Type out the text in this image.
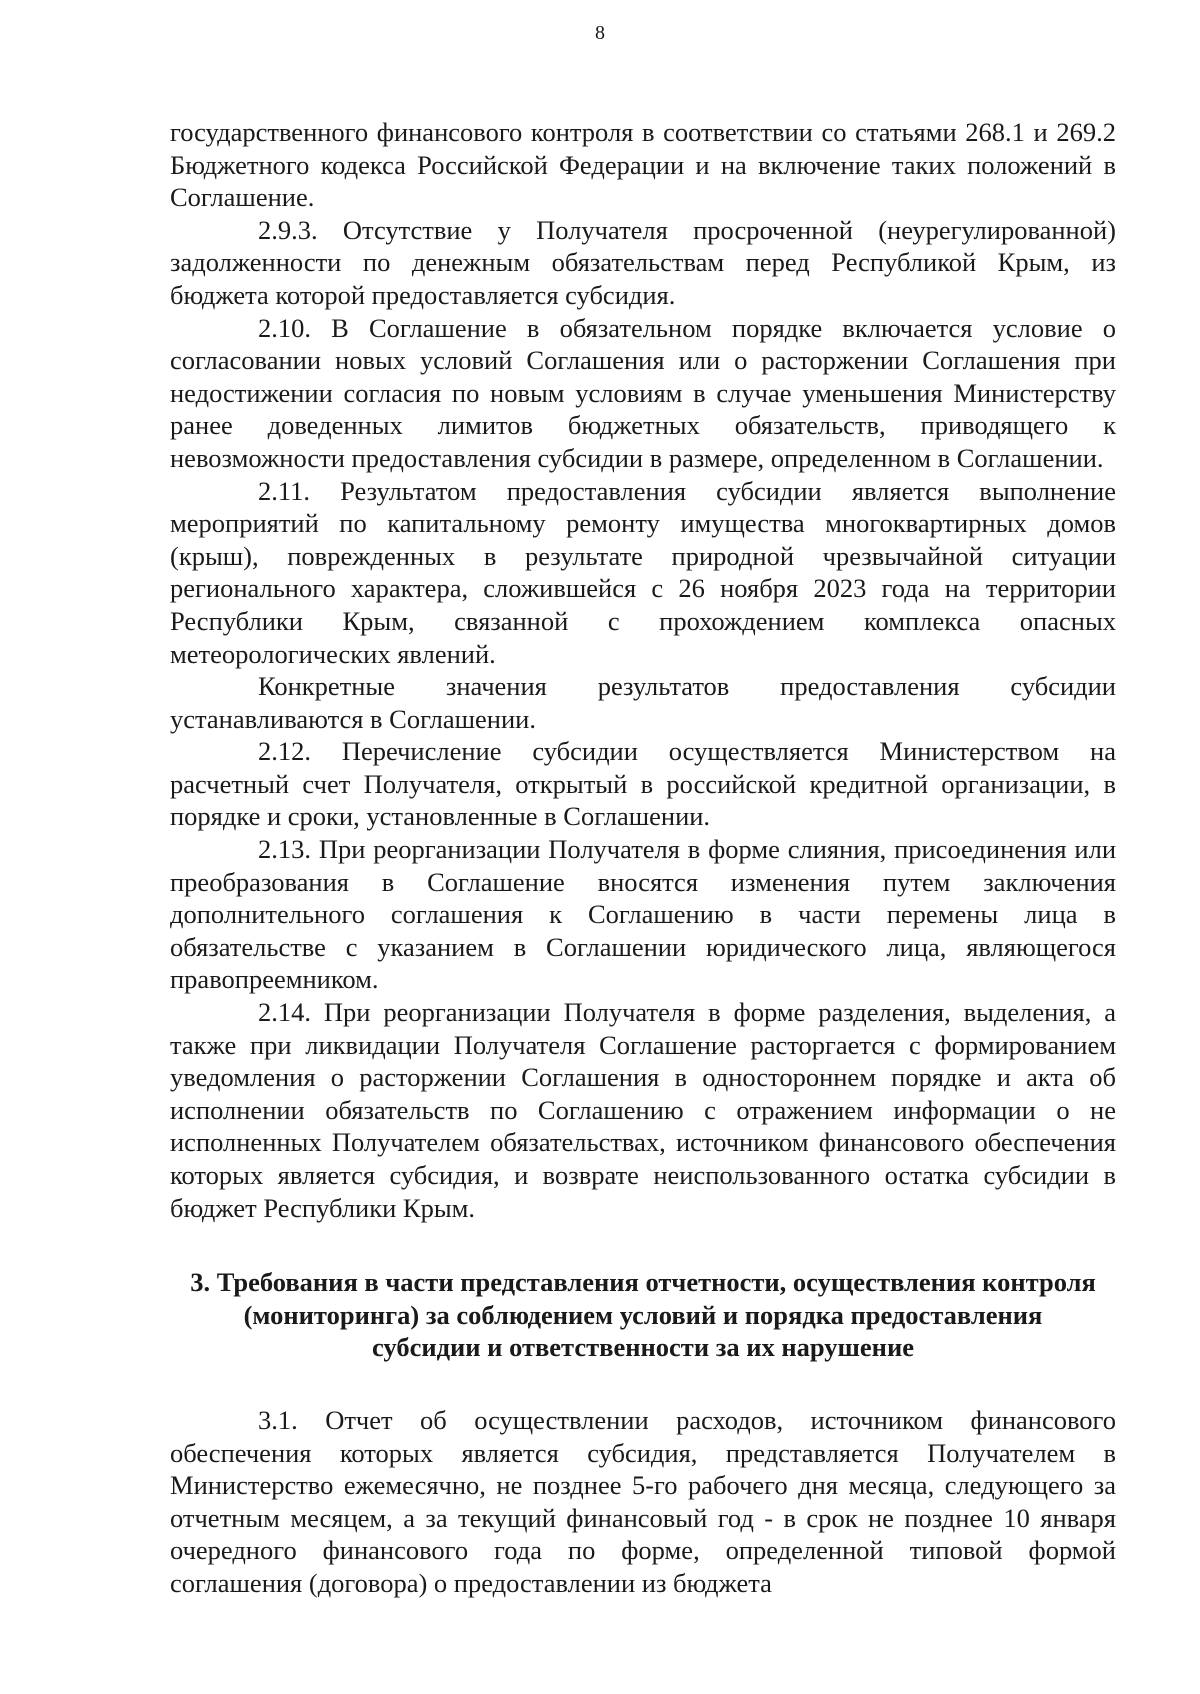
8

государственного финансового контроля в соответствии со статьями 268.1 и 269.2 Бюджетного кодекса Российской Федерации и на включение таких положений в Соглашение.

2.9.3. Отсутствие у Получателя просроченной (неурегулированной) задолженности по денежным обязательствам перед Республикой Крым, из бюджета которой предоставляется субсидия.

2.10. В Соглашение в обязательном порядке включается условие о согласовании новых условий Соглашения или о расторжении Соглашения при недостижении согласия по новым условиям в случае уменьшения Министерству ранее доведенных лимитов бюджетных обязательств, приводящего к невозможности предоставления субсидии в размере, определенном в Соглашении.

2.11. Результатом предоставления субсидии является выполнение мероприятий по капитальному ремонту имущества многоквартирных домов (крыш), поврежденных в результате природной чрезвычайной ситуации регионального характера, сложившейся с 26 ноября 2023 года на территории Республики Крым, связанной с прохождением комплекса опасных метеорологических явлений.

Конкретные значения результатов предоставления субсидии устанавливаются в Соглашении.

2.12. Перечисление субсидии осуществляется Министерством на расчетный счет Получателя, открытый в российской кредитной организации, в порядке и сроки, установленные в Соглашении.

2.13. При реорганизации Получателя в форме слияния, присоединения или преобразования в Соглашение вносятся изменения путем заключения дополнительного соглашения к Соглашению в части перемены лица в обязательстве с указанием в Соглашении юридического лица, являющегося правопреемником.

2.14. При реорганизации Получателя в форме разделения, выделения, а также при ликвидации Получателя Соглашение расторгается с формированием уведомления о расторжении Соглашения в одностороннем порядке и акта об исполнении обязательств по Соглашению с отражением информации о не исполненных Получателем обязательствах, источником финансового обеспечения которых является субсидия, и возврате неиспользованного остатка субсидии в бюджет Республики Крым.

3. Требования в части представления отчетности, осуществления контроля (мониторинга) за соблюдением условий и порядка предоставления субсидии и ответственности за их нарушение

3.1. Отчет об осуществлении расходов, источником финансового обеспечения которых является субсидия, представляется Получателем в Министерство ежемесячно, не позднее 5-го рабочего дня месяца, следующего за отчетным месяцем, а за текущий финансовый год - в срок не позднее 10 января очередного финансового года по форме, определенной типовой формой соглашения (договора) о предоставлении из бюджета
